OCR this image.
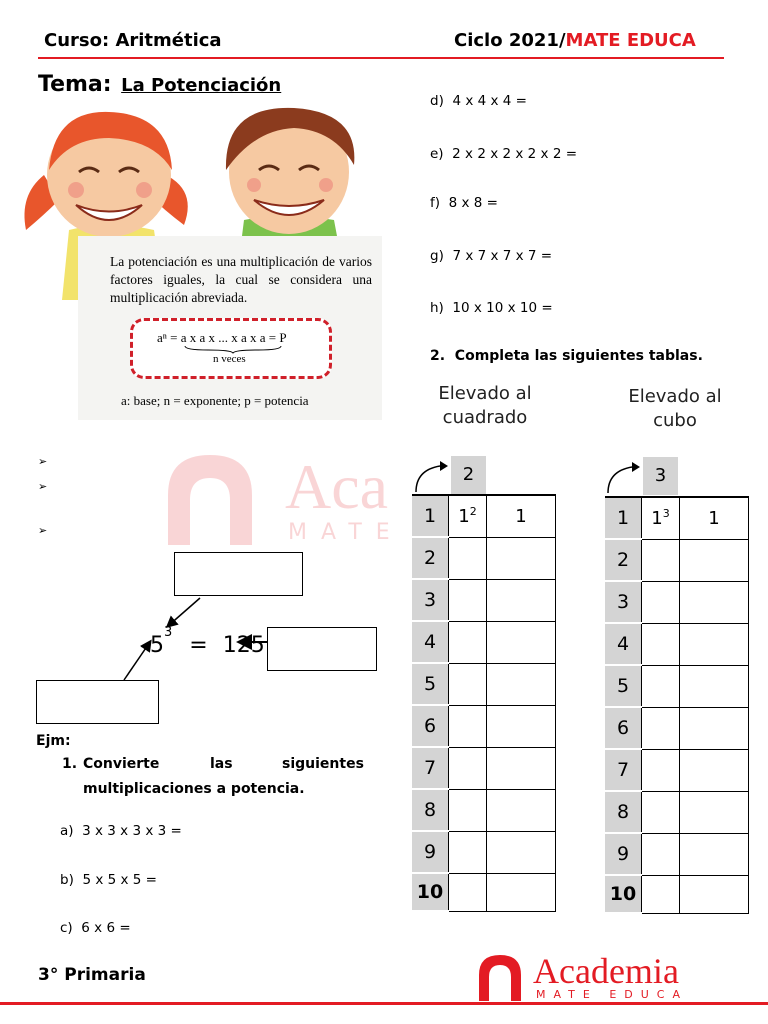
Curso: Aritmética	Ciclo 2021/MATE EDUCA
Tema: La Potenciación
La potenciación es una multiplicación de varios factores iguales, la cual se considera una multiplicación abreviada.
aⁿ = a x a x ... x a x a = P
n veces
a: base; n = exponente; p = potencia
Aca
MATE
➢
➢
➢
$5^3 = 125$
Ejm:
1. Convierte	las	siguientes
multiplicaciones a potencia.
a) 3 x 3 x 3 x 3 =
b) 5 x 5 x 5 =
c) 6 x 6 =
d) 4 x 4 x 4 =
e) 2 x 2 x 2 x 2 x 2 =
f) 8 x 8 =
g) 7 x 7 x 7 x 7 =
h) 10 x 10 x 10 =
2.  Completa las siguientes tablas.
Elevado al
cuadrado
2
1	$1^2$	1
2		
3		
4		
5		
6		
7		
8		
9		
10		
Elevado al
cubo
3
1	$1^3$	1
2		
3		
4		
5		
6		
7		
8		
9		
10		
3° Primaria	Academia
MATE EDUCA
